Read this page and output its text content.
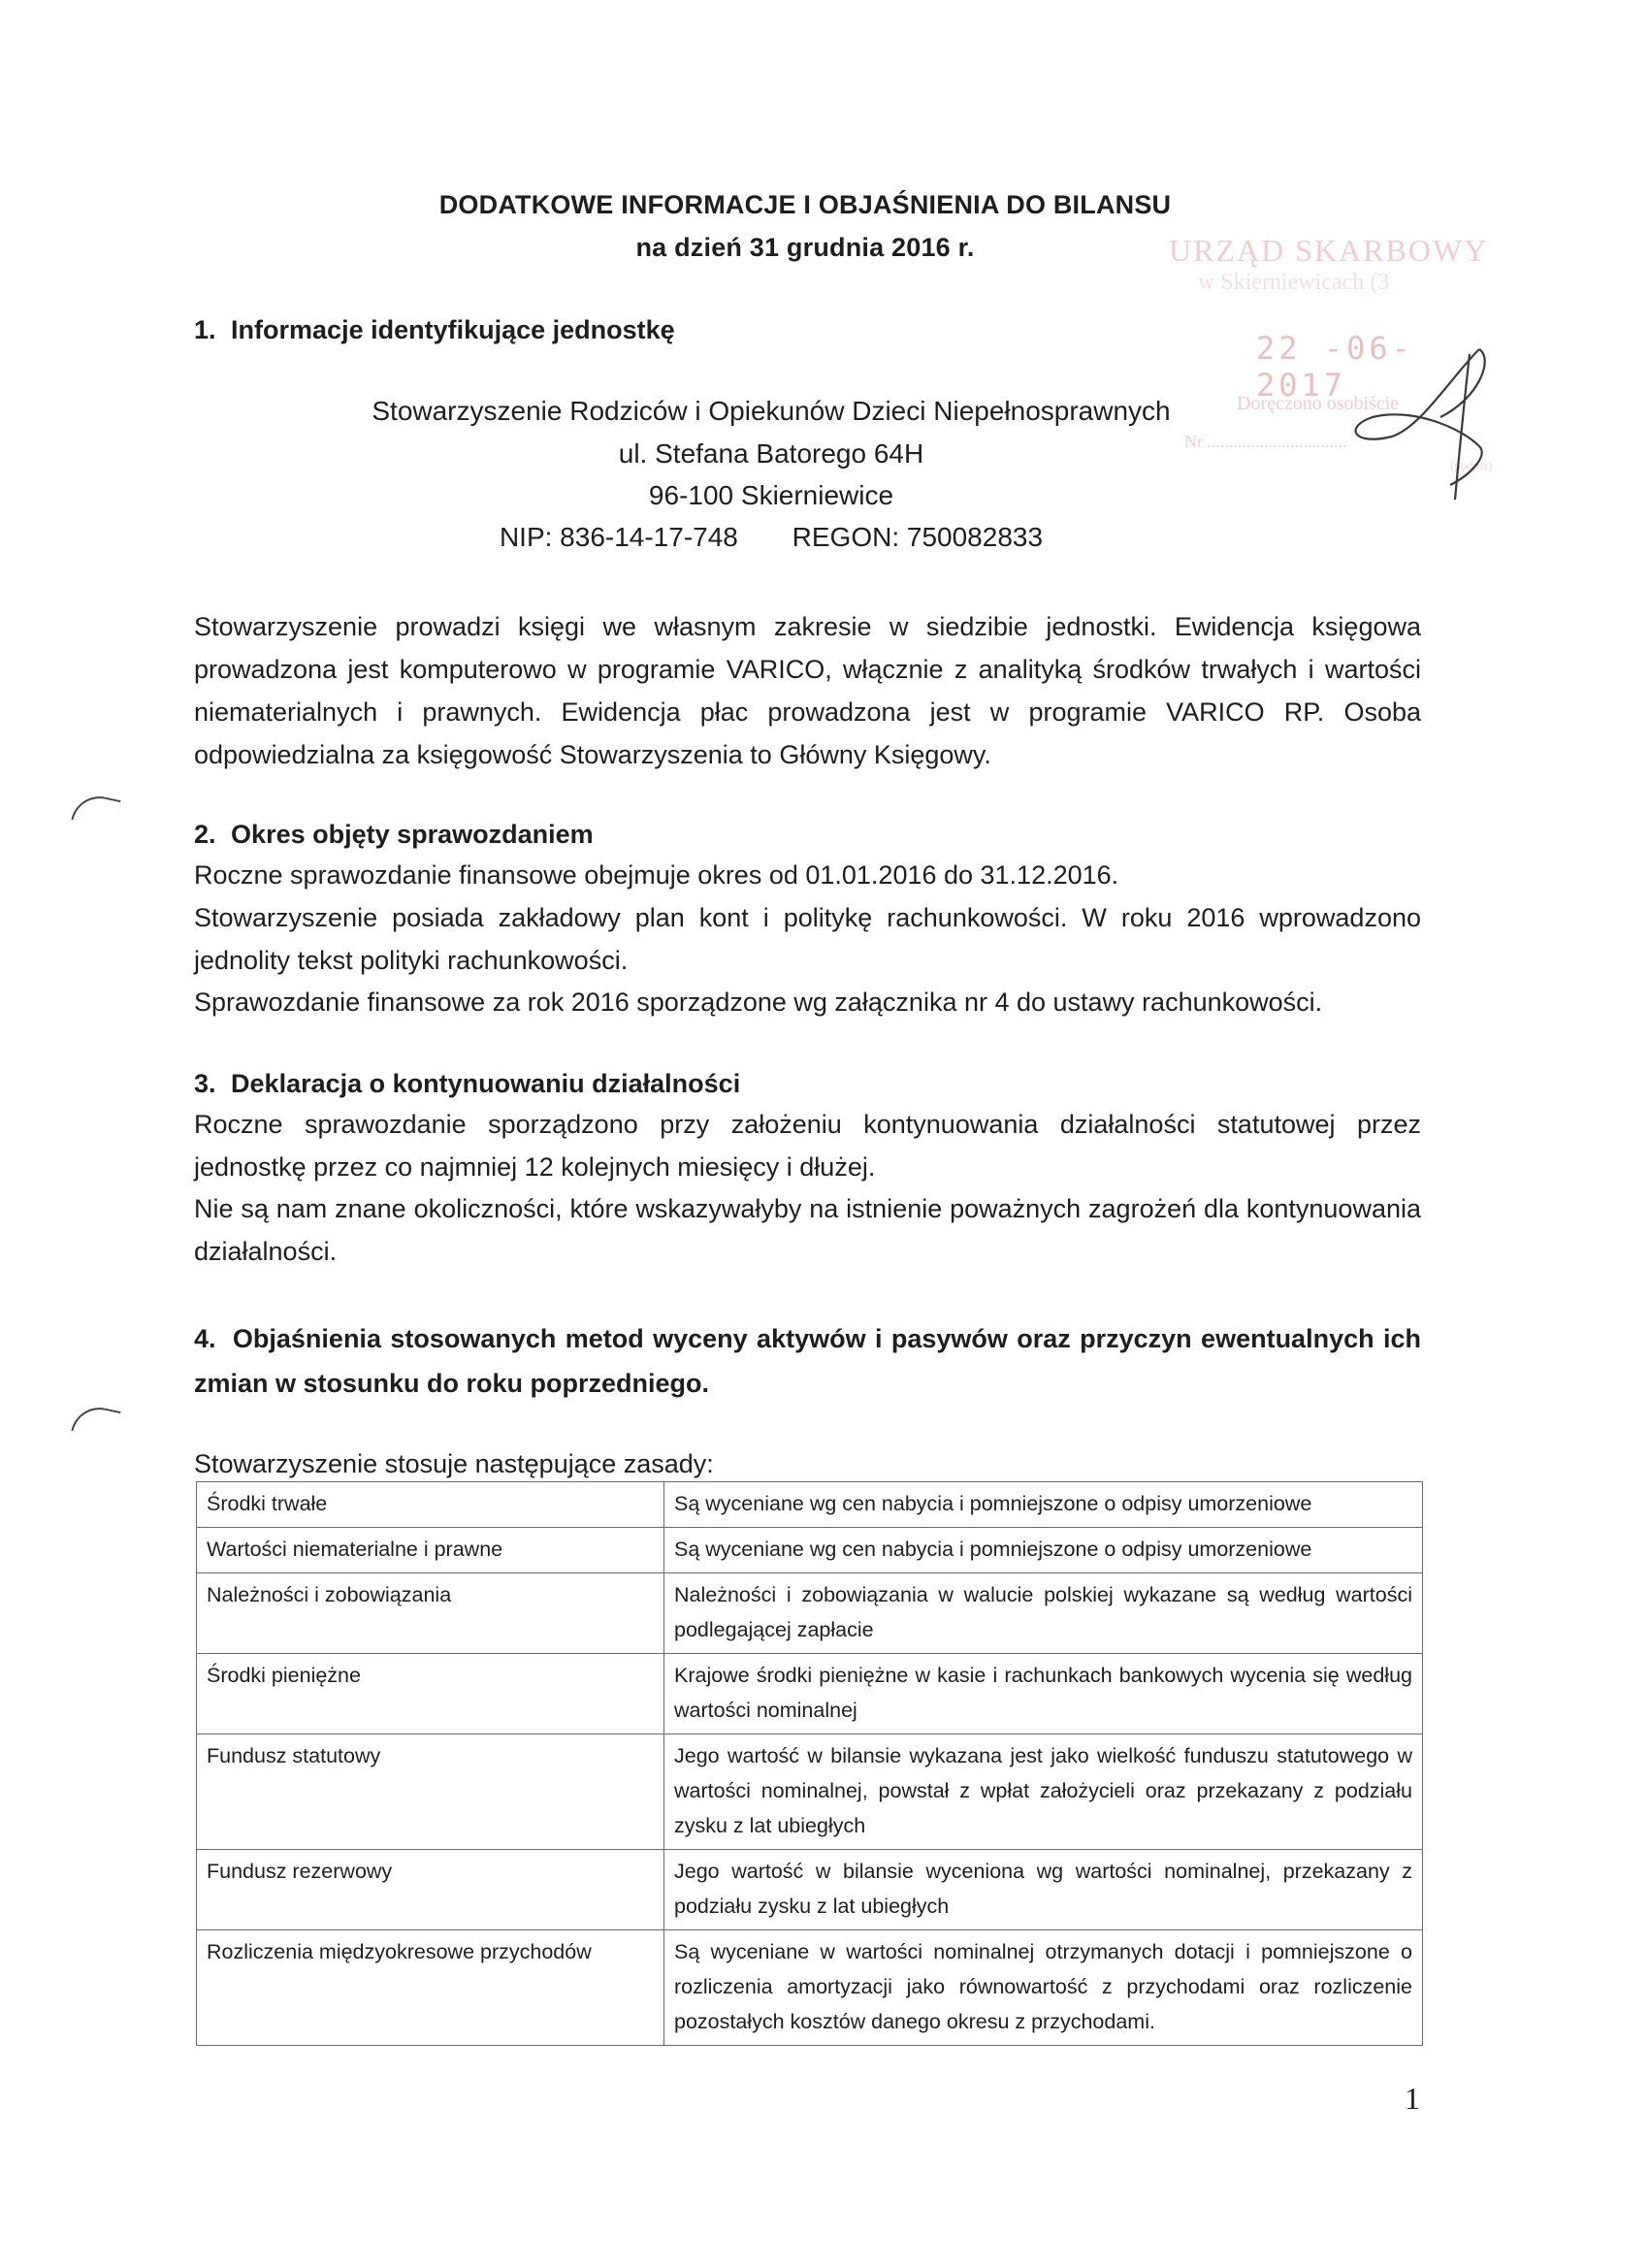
DODATKOWE INFORMACJE I OBJAŚNIENIA DO BILANSU
na dzień 31 grudnia 2016 r.	URZĄD SKARBOWY
w Skierniewicach (3
22 -06- 2017
Doręczono osobiście
Nr ................................
(podpis)
1. Informacje identyfikujące jednostkę
Stowarzyszenie Rodziców i Opiekunów Dzieci Niepełnosprawnych
ul. Stefana Batorego 64H
96-100 Skierniewice
NIP: 836-14-17-748 REGON: 750082833
Stowarzyszenie prowadzi księgi we własnym zakresie w siedzibie jednostki. Ewidencja księgowa prowadzona jest komputerowo w programie VARICO, włącznie z analityką środków trwałych i wartości niematerialnych i prawnych. Ewidencja płac prowadzona jest w programie VARICO RP. Osoba odpowiedzialna za księgowość Stowarzyszenia to Główny Księgowy.
2. Okres objęty sprawozdaniem
Roczne sprawozdanie finansowe obejmuje okres od 01.01.2016 do 31.12.2016.
Stowarzyszenie posiada zakładowy plan kont i politykę rachunkowości. W roku 2016 wprowadzono jednolity tekst polityki rachunkowości.
Sprawozdanie finansowe za rok 2016 sporządzone wg załącznika nr 4 do ustawy rachunkowości.
3. Deklaracja o kontynuowaniu działalności
Roczne sprawozdanie sporządzono przy założeniu kontynuowania działalności statutowej przez jednostkę przez co najmniej 12 kolejnych miesięcy i dłużej.
Nie są nam znane okoliczności, które wskazywałyby na istnienie poważnych zagrożeń dla kontynuowania działalności.
4. Objaśnienia stosowanych metod wyceny aktywów i pasywów oraz przyczyn ewentualnych ich zmian w stosunku do roku poprzedniego.
Stowarzyszenie stosuje następujące zasady:
Środki trwałe	Są wyceniane wg cen nabycia i pomniejszone o odpisy umorzeniowe
Wartości niematerialne i prawne	Są wyceniane wg cen nabycia i pomniejszone o odpisy umorzeniowe
Należności i zobowiązania	Należności i zobowiązania w walucie polskiej wykazane są według wartości podlegającej zapłacie
Środki pieniężne	Krajowe środki pieniężne w kasie i rachunkach bankowych wycenia się według wartości nominalnej
Fundusz statutowy	Jego wartość w bilansie wykazana jest jako wielkość funduszu statutowego w wartości nominalnej, powstał z wpłat założycieli oraz przekazany z podziału zysku z lat ubiegłych
Fundusz rezerwowy	Jego wartość w bilansie wyceniona wg wartości nominalnej, przekazany z podziału zysku z lat ubiegłych
Rozliczenia międzyokresowe przychodów	Są wyceniane w wartości nominalnej otrzymanych dotacji i pomniejszone o rozliczenia amortyzacji jako równowartość z przychodami oraz rozliczenie pozostałych kosztów danego okresu z przychodami.
1
